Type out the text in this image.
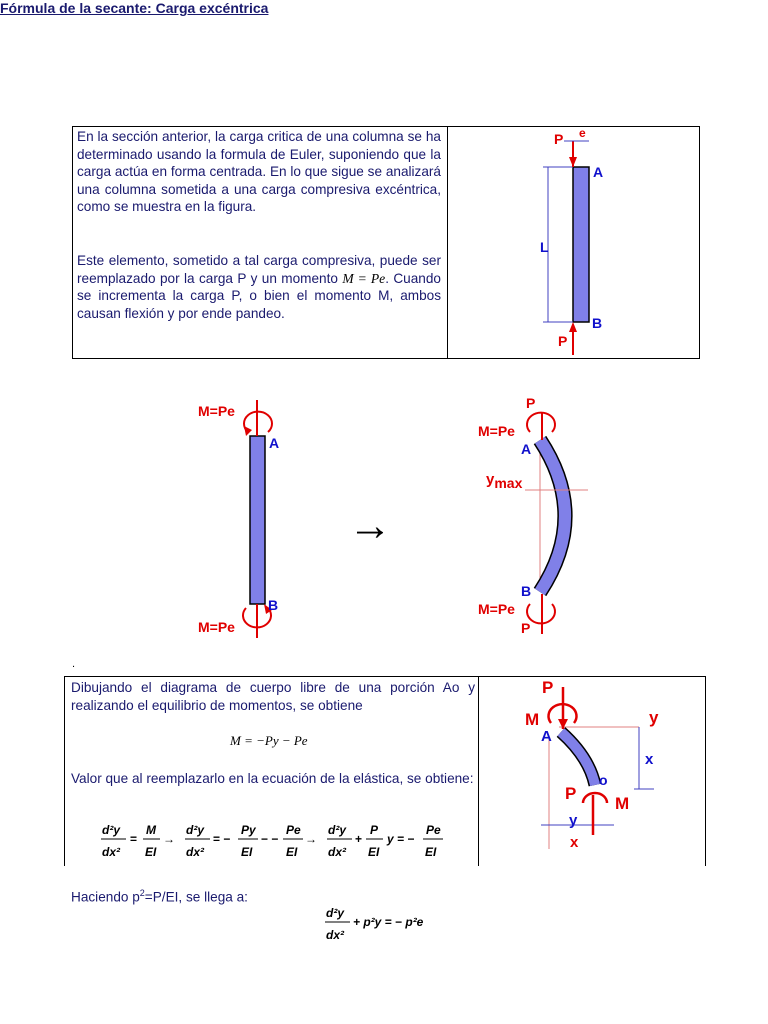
Fórmula de la secante: Carga excéntrica
En la sección anterior, la carga critica de una columna se ha determinado usando la formula de Euler, suponiendo que la carga actúa en forma centrada. En lo que sigue se analizará una columna sometida a una carga compresiva excéntrica, como se muestra en la figura.
Este elemento, sometido a tal carga compresiva, puede ser reemplazado por la carga P y un momento M = Pe. Cuando se incrementa la carga P, o bien el momento M, ambos causan flexión y por ende pandeo.
P e
A
L
B
P
M=Pe
A
B
M=Pe
→
P
M=Pe
A
ymax
B
M=Pe
P
.
Dibujando el diagrama de cuerpo libre de una porción Ao y realizando el equilibrio de momentos, se obtiene
M = −Py − Pe
Valor que al reemplazarlo en la ecuación de la elástica, se obtiene:
d²y
dx²
=
M
EI
→
d²y
dx²
= −
Py
EI
− −
Pe
EI
→
d²y
dx²
+
P
EI
y = −
Pe
EI
P
M
A
y
x
P
o
M
y
x
Haciendo $p^2=P/EI$, se llega a:
d²y
dx²
+ p²y = − p²e
